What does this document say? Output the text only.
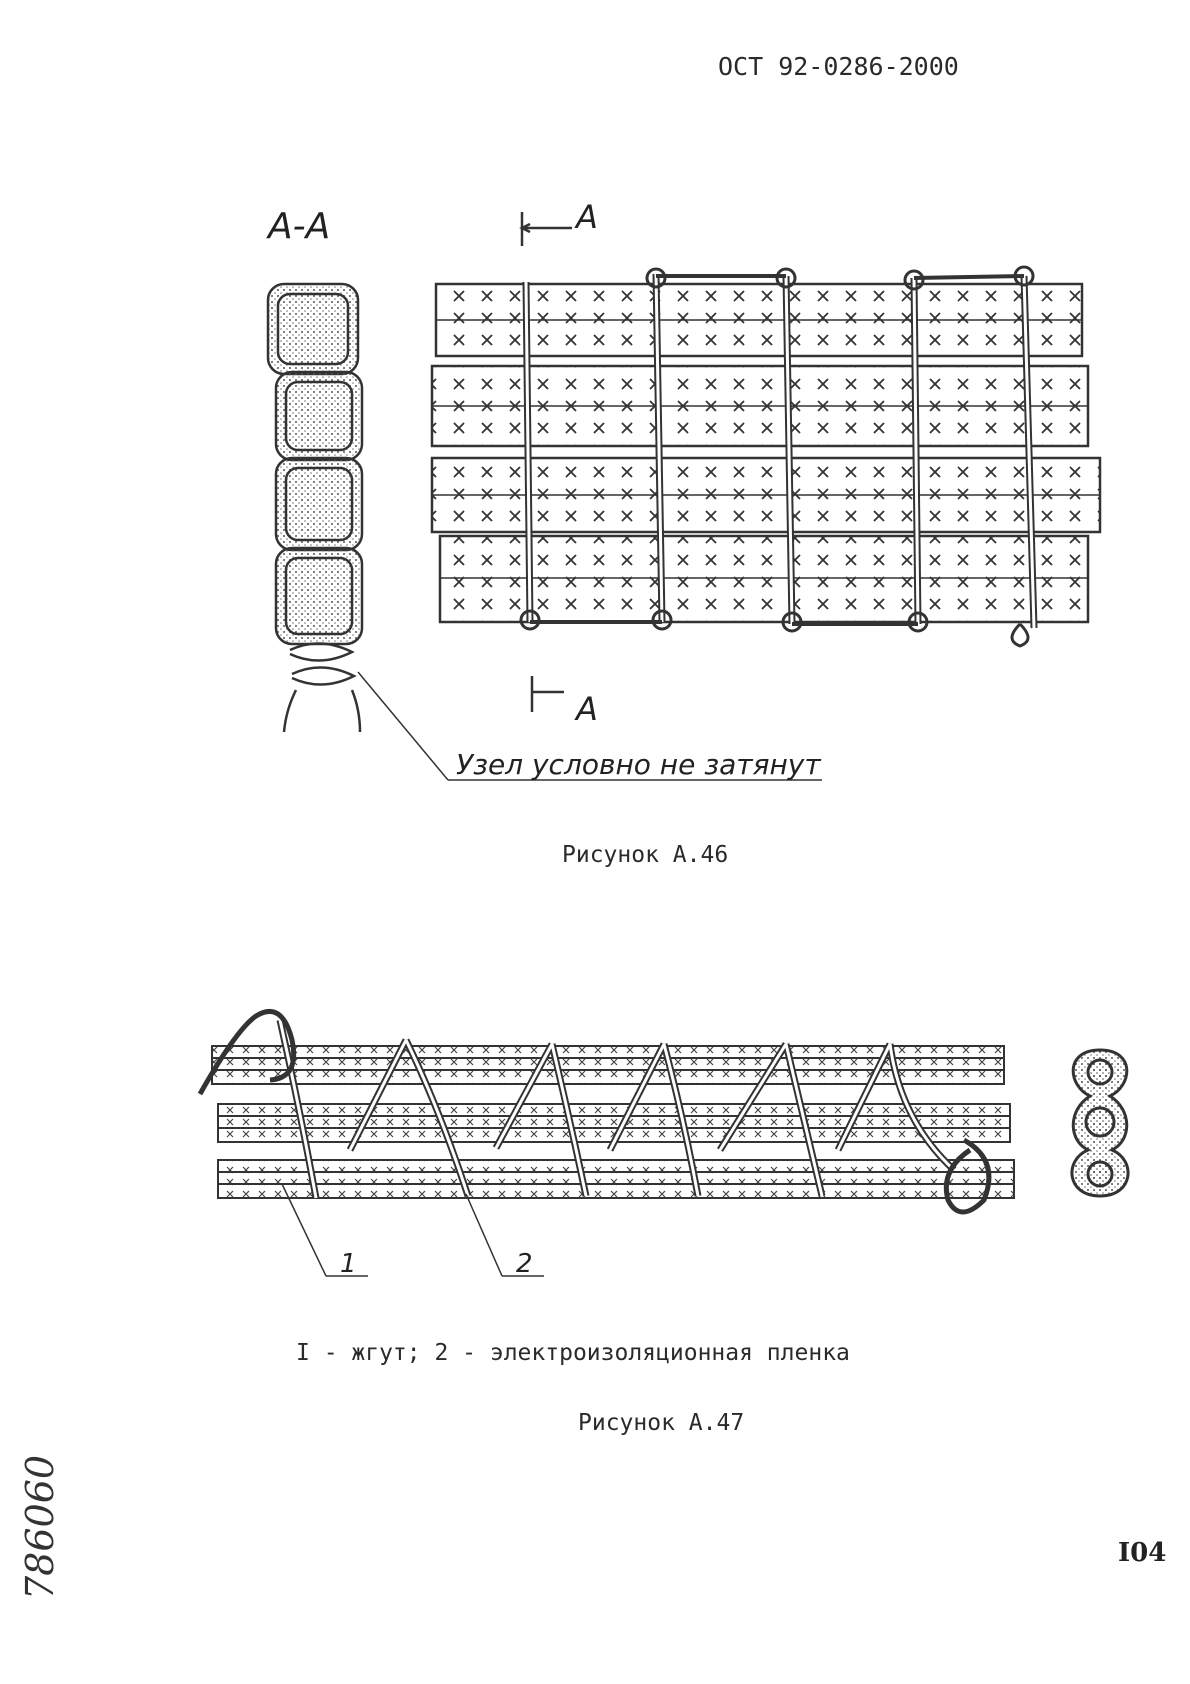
ОСТ 92-0286-2000
А-А	А
А
Узел условно не затянут
Рисунок А.46
1	2
I - жгут; 2 - электроизоляционная пленка
Рисунок А.47
I04
786060
